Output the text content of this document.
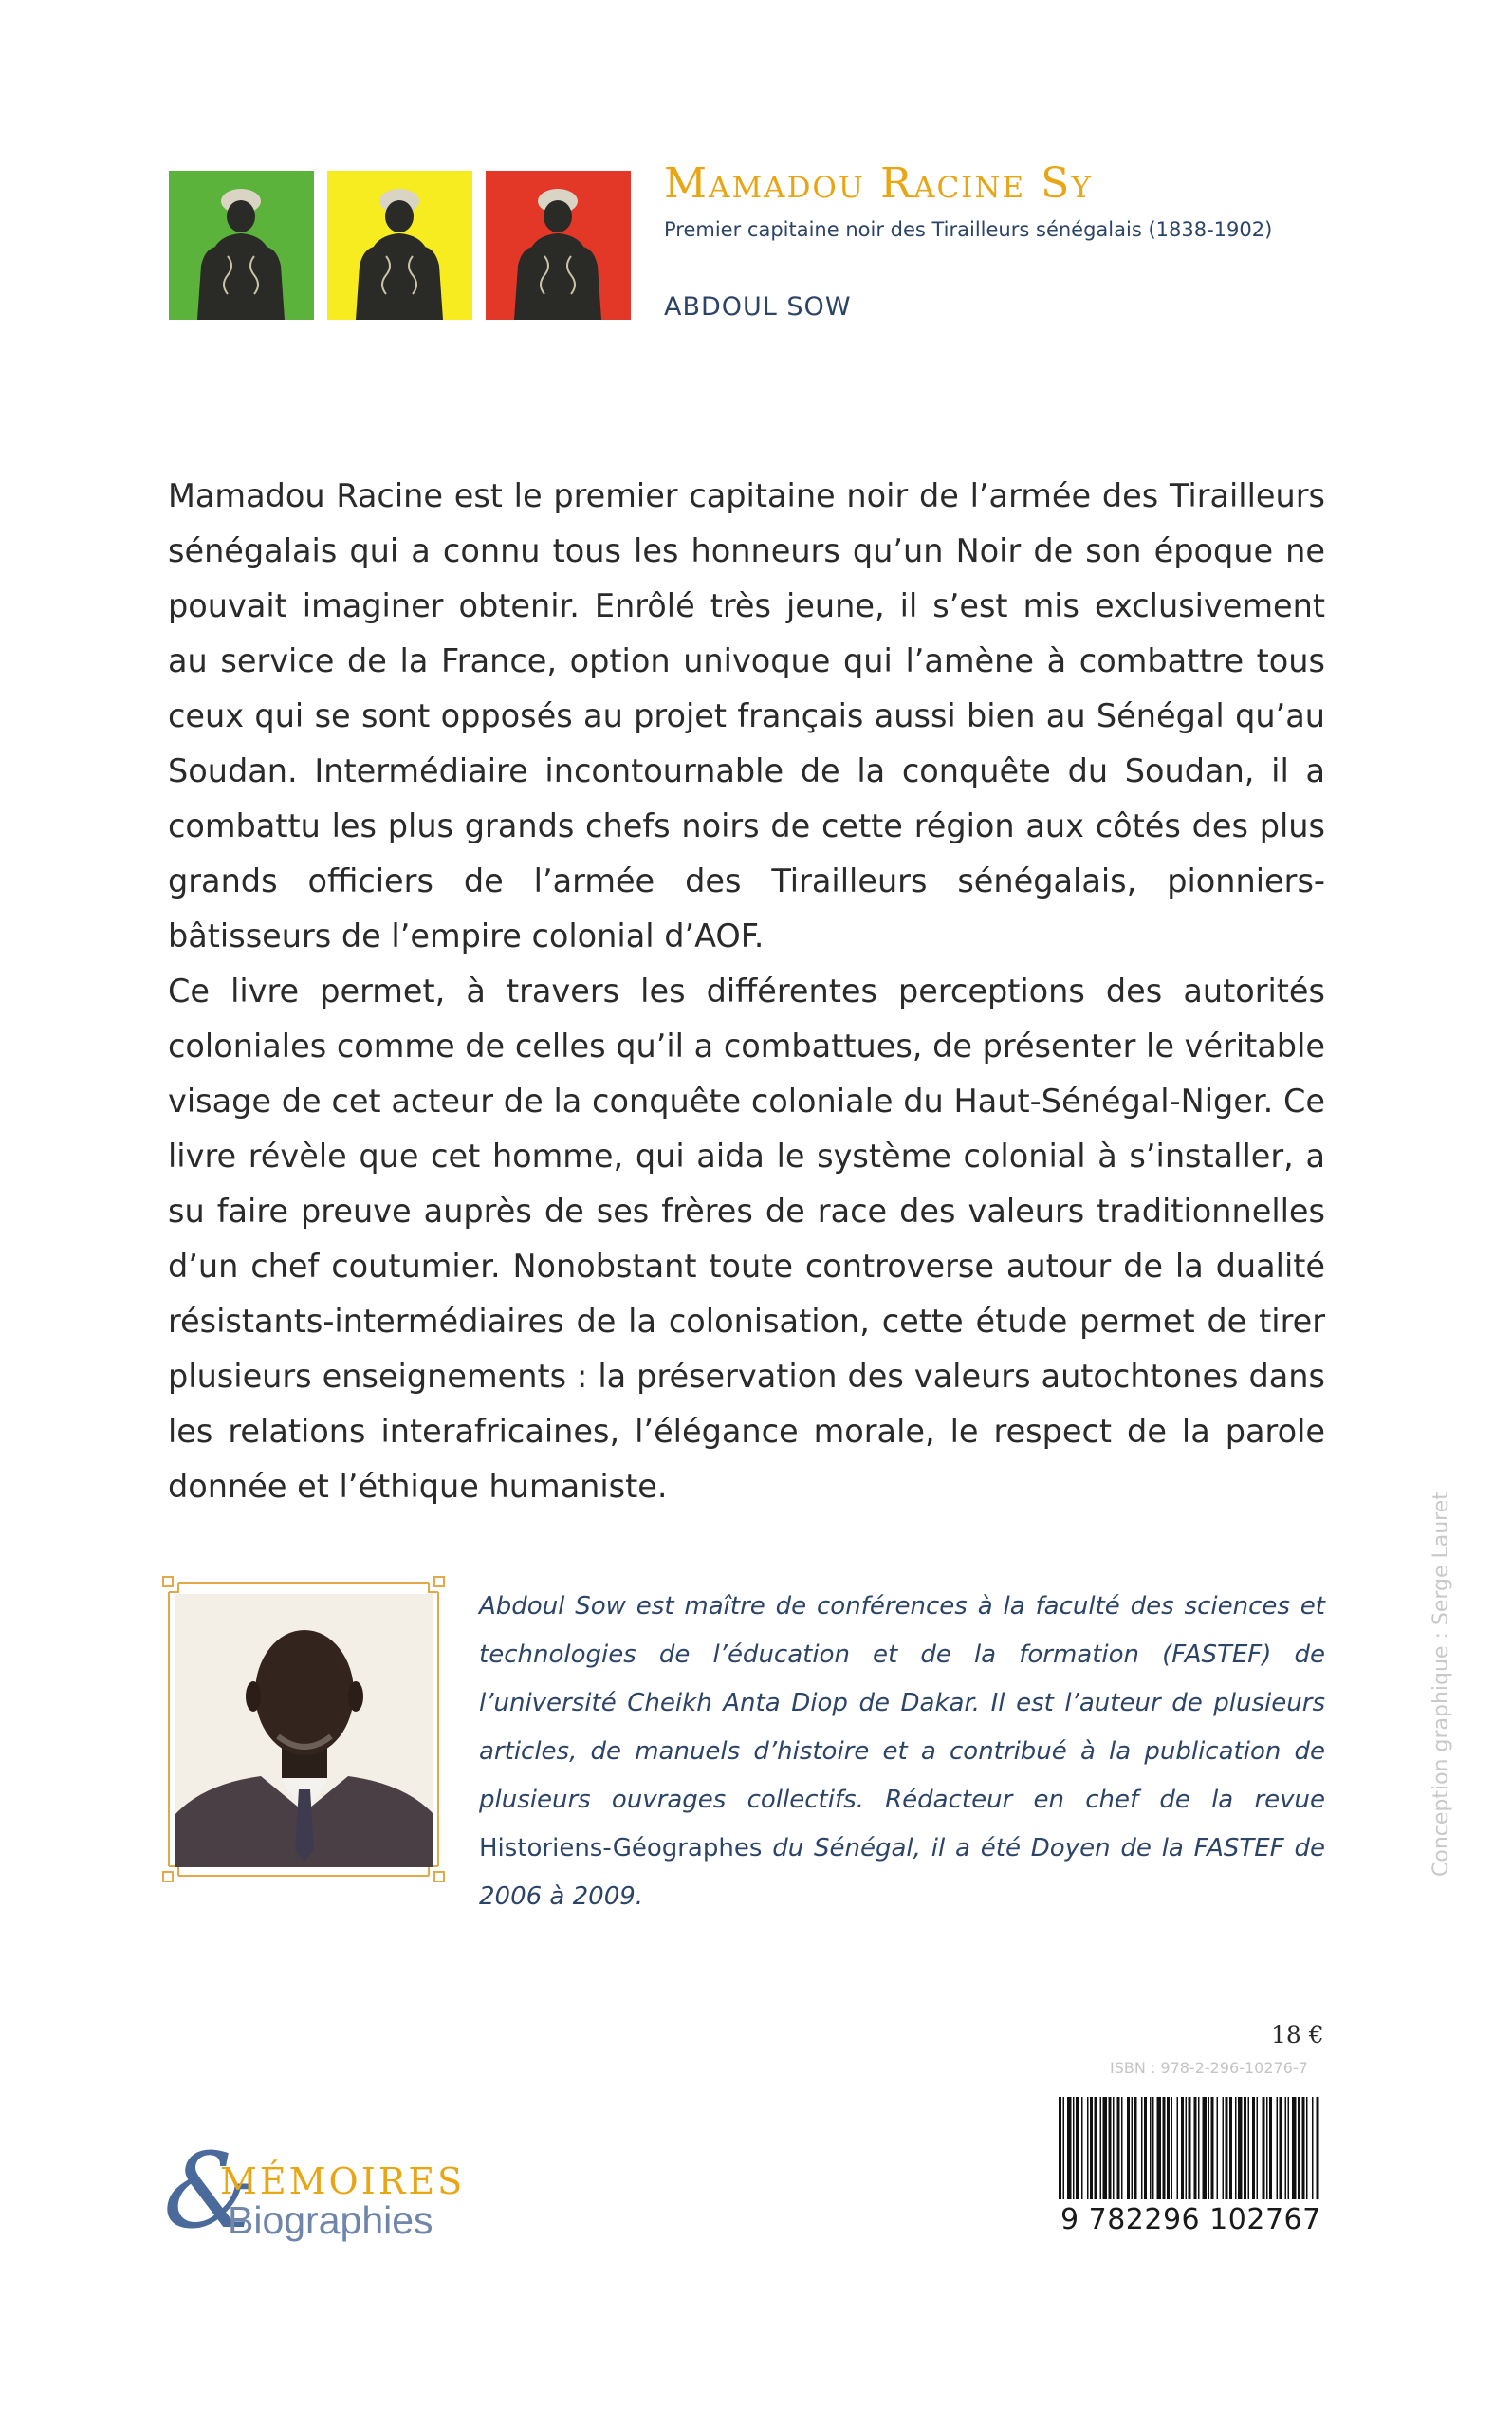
Mamadou Racine Sy
Premier capitaine noir des Tirailleurs sénégalais (1838-1902)
ABDOUL SOW

Mamadou Racine est le premier capitaine noir de l’armée des Tirailleurs sénégalais qui a connu tous les honneurs qu’un Noir de son époque ne pouvait imaginer obtenir. Enrôlé très jeune, il s’est mis exclusivement au service de la France, option univoque qui l’amène à combattre tous ceux qui se sont opposés au projet français aussi bien au Sénégal qu’au Soudan. Intermédiaire incontournable de la conquête du Soudan, il a combattu les plus grands chefs noirs de cette région aux côtés des plus grands officiers de l’armée des Tirailleurs sénégalais, pionniers-bâtisseurs de l’empire colonial d’AOF.

Ce livre permet, à travers les différentes perceptions des autorités coloniales comme de celles qu’il a combattues, de présenter le véritable visage de cet acteur de la conquête coloniale du Haut-Sénégal-Niger. Ce livre révèle que cet homme, qui aida le système colonial à s’installer, a su faire preuve auprès de ses frères de race des valeurs traditionnelles d’un chef coutumier. Nonobstant toute controverse autour de la dualité résistants-intermédiaires de la colonisation, cette étude permet de tirer plusieurs enseignements : la préservation des valeurs autochtones dans les relations interafricaines, l’élégance morale, le respect de la parole donnée et l’éthique humaniste.

Abdoul Sow est maître de conférences à la faculté des sciences et technologies de l’éducation et de la formation (FASTEF) de l’université Cheikh Anta Diop de Dakar. Il est l’auteur de plusieurs articles, de manuels d’histoire et a contribué à la publication de plusieurs ouvrages collectifs. Rédacteur en chef de la revue Historiens-Géographes du Sénégal, il a été Doyen de la FASTEF de 2006 à 2009.

Conception graphique : Serge Lauret
18 €
ISBN : 978-2-296-10276-7
9 782296 102767
&
MÉMOIRES
Biographies
